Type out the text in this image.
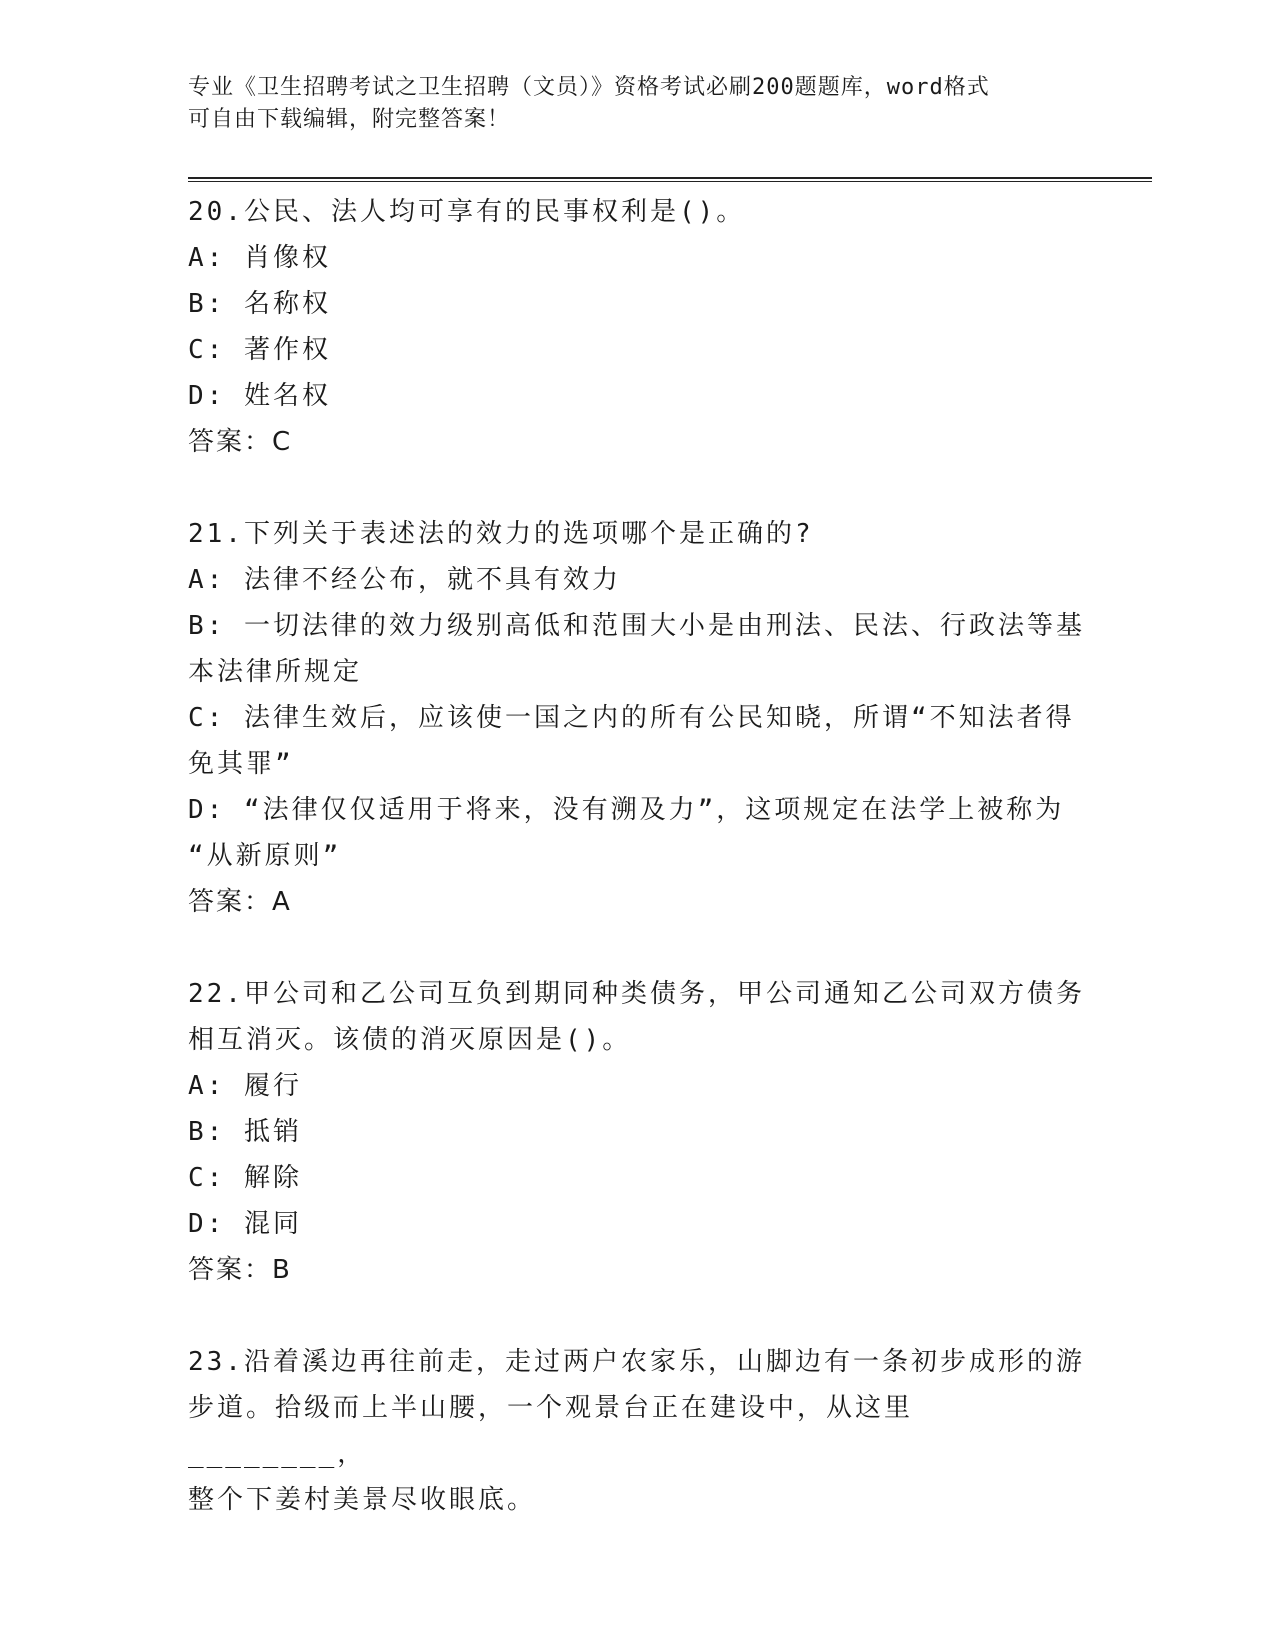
专业《卫生招聘考试之卫生招聘（文员）》资格考试必刷200题题库，word格式
可自由下载编辑，附完整答案！
20.公民、法人均可享有的民事权利是()。
A: 肖像权
B: 名称权
C: 著作权
D: 姓名权
答案：C
21.下列关于表述法的效力的选项哪个是正确的?
A: 法律不经公布，就不具有效力
B: 一切法律的效力级别高低和范围大小是由刑法、民法、行政法等基
本法律所规定
C: 法律生效后，应该使一国之内的所有公民知晓，所谓“不知法者得
免其罪”
D: “法律仅仅适用于将来，没有溯及力”，这项规定在法学上被称为
“从新原则”
答案：A
22.甲公司和乙公司互负到期同种类债务，甲公司通知乙公司双方债务
相互消灭。该债的消灭原因是()。
A: 履行
B: 抵销
C: 解除
D: 混同
答案：B
23.沿着溪边再往前走，走过两户农家乐，山脚边有一条初步成形的游
步道。拾级而上半山腰，一个观景台正在建设中，从这里________，
整个下姜村美景尽收眼底。
